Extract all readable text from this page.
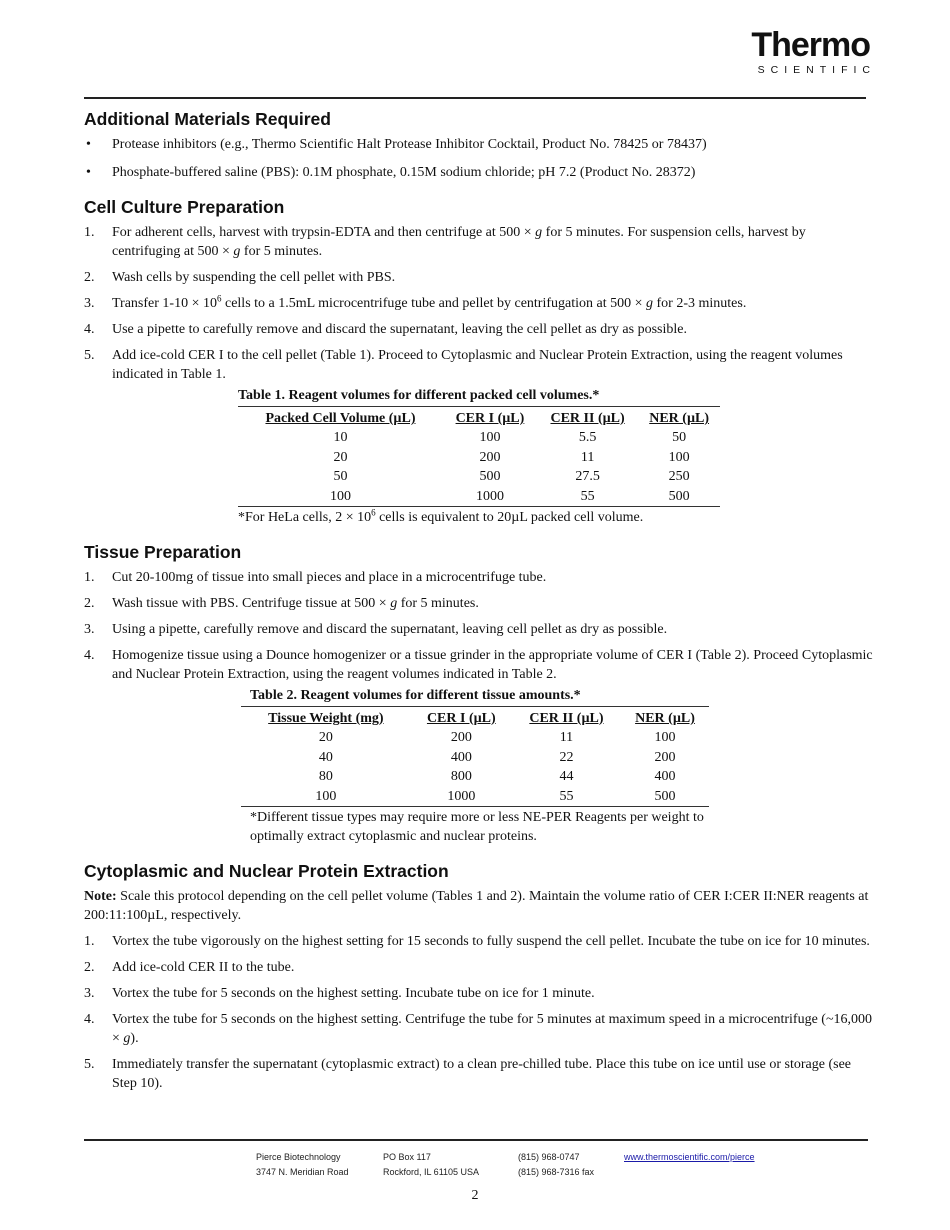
Thermo
SCIENTIFIC
Additional Materials Required
• Protease inhibitors (e.g., Thermo Scientific Halt Protease Inhibitor Cocktail, Product No. 78425 or 78437)
• Phosphate-buffered saline (PBS): 0.1M phosphate, 0.15M sodium chloride; pH 7.2 (Product No. 28372)
Cell Culture Preparation
1. For adherent cells, harvest with trypsin-EDTA and then centrifuge at 500 × g for 5 minutes. For suspension cells, harvest by centrifuging at 500 × g for 5 minutes.
2. Wash cells by suspending the cell pellet with PBS.
3. Transfer $1-10 \times 10^6$ cells to a 1.5mL microcentrifuge tube and pellet by centrifugation at 500 × g for 2-3 minutes.
4. Use a pipette to carefully remove and discard the supernatant, leaving the cell pellet as dry as possible.
5. Add ice-cold CER I to the cell pellet (Table 1). Proceed to Cytoplasmic and Nuclear Protein Extraction, using the reagent volumes indicated in Table 1.
Table 1. Reagent volumes for different packed cell volumes.*
Packed Cell Volume (µL)	CER I (µL)	CER II (µL)	NER (µL)
10	100	5.5	50
20	200	11	100
50	500	27.5	250
100	1000	55	500
*For HeLa cells, $2 \times 10^6$ cells is equivalent to 20µL packed cell volume.
Tissue Preparation
1. Cut 20-100mg of tissue into small pieces and place in a microcentrifuge tube.
2. Wash tissue with PBS. Centrifuge tissue at 500 × g for 5 minutes.
3. Using a pipette, carefully remove and discard the supernatant, leaving cell pellet as dry as possible.
4. Homogenize tissue using a Dounce homogenizer or a tissue grinder in the appropriate volume of CER I (Table 2). Proceed Cytoplasmic and Nuclear Protein Extraction, using the reagent volumes indicated in Table 2.
Table 2. Reagent volumes for different tissue amounts.*
Tissue Weight (mg)	CER I (µL)	CER II (µL)	NER (µL)
20	200	11	100
40	400	22	200
80	800	44	400
100	1000	55	500
*Different tissue types may require more or less NE-PER Reagents per weight to optimally extract cytoplasmic and nuclear proteins.
Cytoplasmic and Nuclear Protein Extraction

Note: Scale this protocol depending on the cell pellet volume (Tables 1 and 2). Maintain the volume ratio of CER I:CER II:NER reagents at 200:11:100µL, respectively.

1. Vortex the tube vigorously on the highest setting for 15 seconds to fully suspend the cell pellet. Incubate the tube on ice for 10 minutes.
2. Add ice-cold CER II to the tube.
3. Vortex the tube for 5 seconds on the highest setting. Incubate tube on ice for 1 minute.
4. Vortex the tube for 5 seconds on the highest setting. Centrifuge the tube for 5 minutes at maximum speed in a microcentrifuge (~16,000 × g).
5. Immediately transfer the supernatant (cytoplasmic extract) to a clean pre-chilled tube. Place this tube on ice until use or storage (see Step 10).
Pierce Biotechnology
3747 N. Meridian Road
PO Box 117
Rockford, IL 61105 USA
(815) 968-0747
(815) 968-7316 fax
www.thermoscientific.com/pierce
2
